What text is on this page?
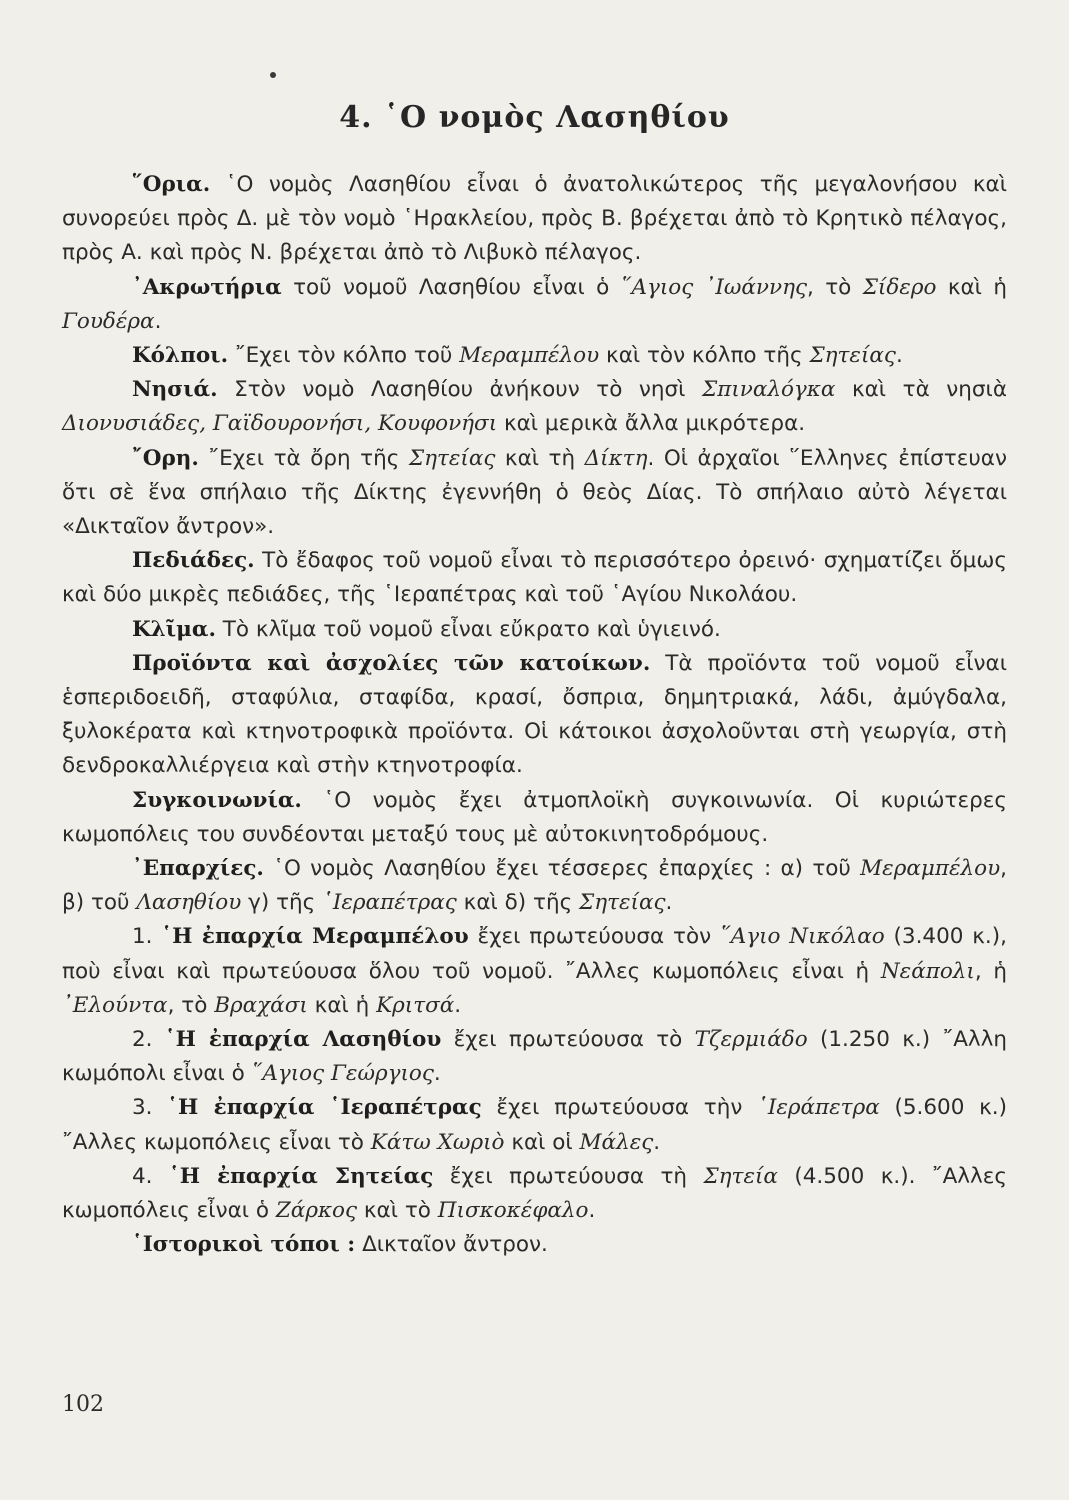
4. ῾Ο νομὸς Λασηθίου

῞Ορια. ῾Ο νομὸς Λασηθίου εἶναι ὁ ἀνατολικώτερος τῆς μεγαλονήσου καὶ συνορεύει πρὸς Δ. μὲ τὸν νομὸ ῾Ηρακλείου, πρὸς Β. βρέχεται ἀπὸ τὸ Κρητικὸ πέλαγος, πρὸς Α. καὶ πρὸς Ν. βρέχεται ἀπὸ τὸ Λιβυκὸ πέλαγος.

᾿Ακρωτήρια τοῦ νομοῦ Λασηθίου εἶναι ὁ ῞Αγιος ᾿Ιωάννης, τὸ Σίδερο καὶ ἡ Γουδέρα.

Κόλποι. ῎Εχει τὸν κόλπο τοῦ Μεραμπέλου καὶ τὸν κόλπο τῆς Σητείας.

Νησιά. Στὸν νομὸ Λασηθίου ἀνήκουν τὸ νησὶ Σπιναλόγκα καὶ τὰ νησιὰ Διονυσιάδες, Γαϊδουρονήσι, Κουφονήσι καὶ μερικὰ ἄλλα μικρότερα.

῎Ορη. ῎Εχει τὰ ὄρη τῆς Σητείας καὶ τὴ Δίκτη. Οἱ ἀρχαῖοι ῞Ελληνες ἐπίστευαν ὅτι σὲ ἕνα σπήλαιο τῆς Δίκτης ἐγεννήθη ὁ θεὸς Δίας. Τὸ σπήλαιο αὐτὸ λέγεται «Δικταῖον ἄντρον».

Πεδιάδες. Τὸ ἔδαφος τοῦ νομοῦ εἶναι τὸ περισσότερο ὀρεινό· σχηματίζει ὅμως καὶ δύο μικρὲς πεδιάδες, τῆς ῾Ιεραπέτρας καὶ τοῦ ῾Αγίου Νικολάου.

Κλῖμα. Τὸ κλῖμα τοῦ νομοῦ εἶναι εὔκρατο καὶ ὑγιεινό.

Προϊόντα καὶ ἀσχολίες τῶν κατοίκων. Τὰ προϊόντα τοῦ νομοῦ εἶναι ἑσπεριδοειδῆ, σταφύλια, σταφίδα, κρασί, ὄσπρια, δημητριακά, λάδι, ἀμύγδαλα, ξυλοκέρατα καὶ κτηνοτροφικὰ προϊόντα. Οἱ κάτοικοι ἀσχολοῦνται στὴ γεωργία, στὴ δενδροκαλλιέργεια καὶ στὴν κτηνοτροφία.

Συγκοινωνία. ῾Ο νομὸς ἔχει ἀτμοπλοϊκὴ συγκοινωνία. Οἱ κυριώτερες κωμοπόλεις του συνδέονται μεταξύ τους μὲ αὐτοκινητοδρόμους.

᾿Επαρχίες. ῾Ο νομὸς Λασηθίου ἔχει τέσσερες ἐπαρχίες : α) τοῦ Μεραμπέλου, β) τοῦ Λασηθίου γ) τῆς ῾Ιεραπέτρας καὶ δ) τῆς Σητείας.

1. ῾Η ἐπαρχία Μεραμπέλου ἔχει πρωτεύουσα τὸν ῞Αγιο Νικόλαο (3.400 κ.), ποὺ εἶναι καὶ πρωτεύουσα ὅλου τοῦ νομοῦ. ῎Αλλες κωμοπόλεις εἶναι ἡ Νεάπολι, ἡ ᾿Ελούντα, τὸ Βραχάσι καὶ ἡ Κριτσά.

2. ῾Η ἐπαρχία Λασηθίου ἔχει πρωτεύουσα τὸ Τζερμιάδο (1.250 κ.) ῎Αλλη κωμόπολι εἶναι ὁ ῞Αγιος Γεώργιος.

3. ῾Η ἐπαρχία ῾Ιεραπέτρας ἔχει πρωτεύουσα τὴν ῾Ιεράπετρα (5.600 κ.) ῎Αλλες κωμοπόλεις εἶναι τὸ Κάτω Χωριὸ καὶ οἱ Μάλες.

4. ῾Η ἐπαρχία Σητείας ἔχει πρωτεύουσα τὴ Σητεία (4.500 κ.). ῎Αλλες κωμοπόλεις εἶναι ὁ Ζάρκος καὶ τὸ Πισκοκέφαλο.

῾Ιστορικοὶ τόποι : Δικταῖον ἄντρον.

102
